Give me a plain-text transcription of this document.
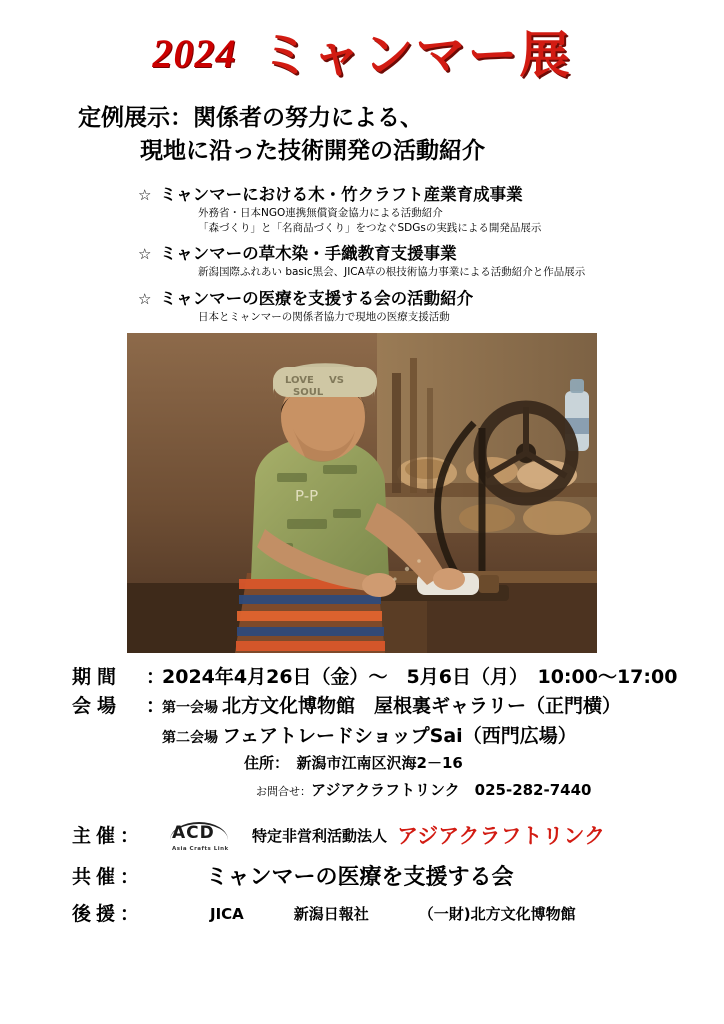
2024 ミャンマー展
定例展示：関係者の努力による、
現地に沿った技術開発の活動紹介
☆ ミャンマーにおける木・竹クラフト産業育成事業
外務省・日本NGO連携無償資金協力による活動紹介
「森づくり」と「名商品づくり」をつなぐSDGsの実践による開発品展示
☆ ミャンマーの草木染・手織教育支援事業
新潟国際ふれあい basic黒会、JICA草の根技術協力事業による活動紹介と作品展示
☆ ミャンマーの医療を支援する会の活動紹介
日本とミャンマーの関係者協力で現地の医療支援活動
P-P
LOVE VS
SOUL
期間	：
2024年4月26日（金）～　5月6日（月）　10:00～17:00
会場	：
第一会場 北方文化博物館　屋根裏ギャラリー（正門横）
第二会場 フェアトレードショップSai（西門広場）
住所：　新潟市江南区沢海2－16
お問合せ：アジアクラフトリンク　025-282-7440
主催：	ACD
Asia Crafts Link
特定非営利活動法人 アジアクラフトリンク
共催：	ミャンマーの医療を支援する会
後援：	JICA	新潟日報社	（一財)北方文化博物館
